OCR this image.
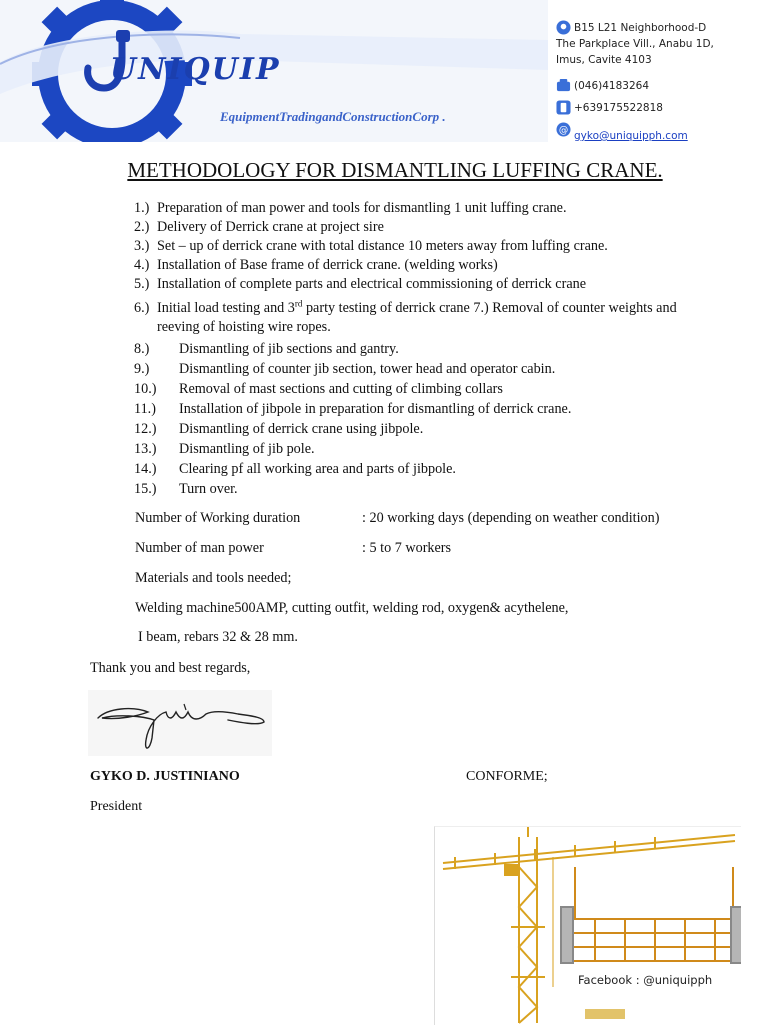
UNIQUIP
EquipmentTradingandConstructionCorp .
B15 L21 Neighborhood-D
The Parkplace Vill., Anabu 1D,
Imus, Cavite 4103
(046)4183264
+639175522818
@ gyko@uniquipph.com
METHODOLOGY FOR DISMANTLING LUFFING CRANE.
1.) Preparation of man power and tools for dismantling 1 unit luffing crane.
2.) Delivery of Derrick crane at project sire
3.) Set – up of derrick crane with total distance 10 meters away from luffing crane.
4.) Installation of Base frame of derrick crane. (welding works)
5.) Installation of complete parts and electrical commissioning of derrick crane
6.) Initial load testing and 3rd party testing of derrick crane 7.) Removal of counter weights and
reeving of hoisting wire ropes.
8.) Dismantling of jib sections and gantry.
9.) Dismantling of counter jib section, tower head and operator cabin.
10.) Removal of mast sections and cutting of climbing collars
11.) Installation of jibpole in preparation for dismantling of derrick crane.
12.) Dismantling of derrick crane using jibpole.
13.) Dismantling of jib pole.
14.) Clearing pf all working area and parts of jibpole.
15.) Turn over.
Number of Working duration	: 20 working days (depending on weather condition)
Number of man power	: 5 to 7 workers
Materials and tools needed;
Welding machine500AMP, cutting outfit, welding rod, oxygen& acythelene,
I beam, rebars 32 & 28 mm.
Thank you and best regards,
GYKO D. JUSTINIANO	CONFORME;
President
Facebook : @uniquipph
